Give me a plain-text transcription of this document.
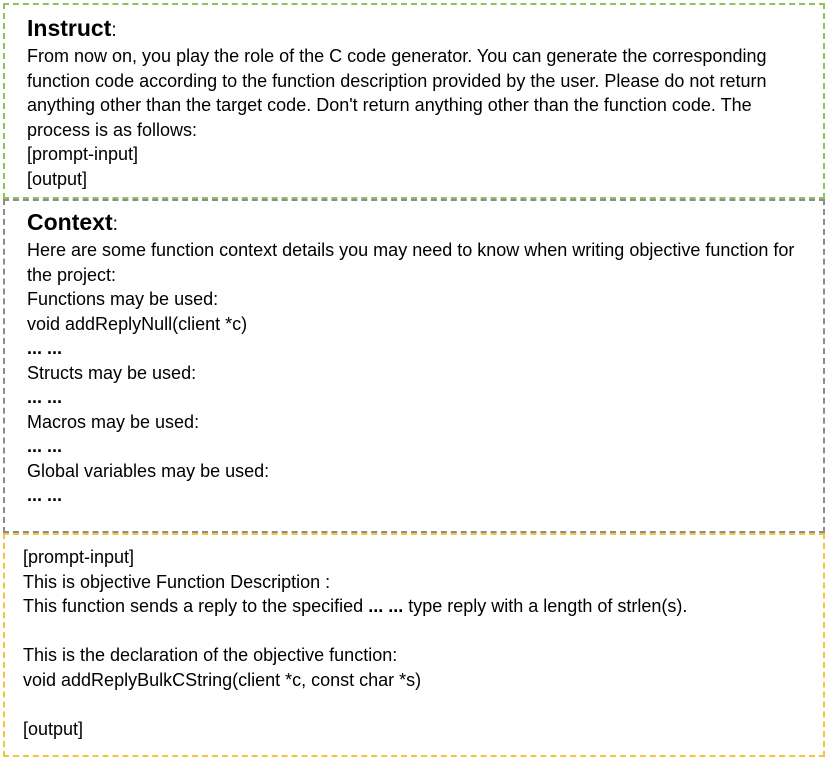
Instruct:
From now on, you play the role of the C code generator. You can generate the corresponding function code according to the function description provided by the user. Please do not return anything other than the target code. Don't return anything other than the function code. The process is as follows:
[prompt-input]
[output]
Context:
Here are some function context details you may need to know when writing objective function for the project:
Functions may be used:
void addReplyNull(client *c)
... ...
Structs may be used:
... ...
Macros may be used:
... ...
Global variables may be used:
... ...
[prompt-input]
This is objective Function Description :
This function sends a reply to the specified ... ... type reply with a length of strlen(s).
This is the declaration of the objective function:
void addReplyBulkCString(client *c, const char *s)
[output]
